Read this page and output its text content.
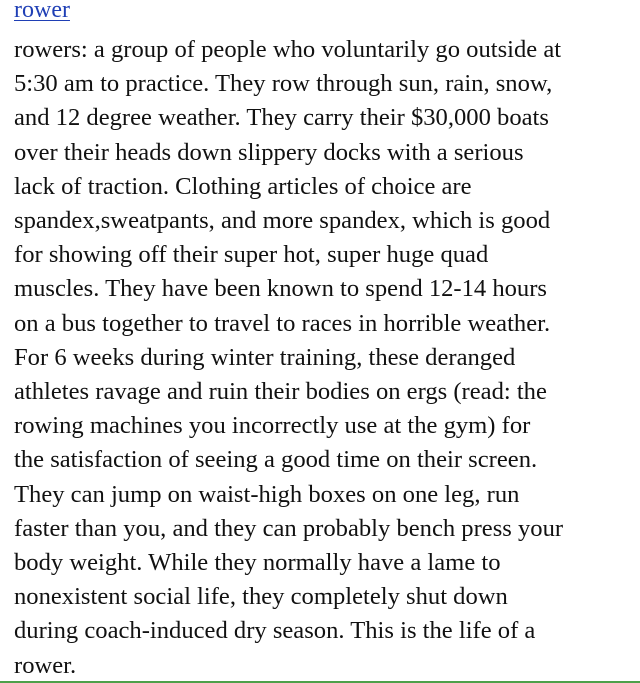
rower
rowers: a group of people who voluntarily go outside at
5:30 am to practice. They row through sun, rain, snow,
and 12 degree weather. They carry their $30,000 boats
over their heads down slippery docks with a serious
lack of traction. Clothing articles of choice are
spandex,sweatpants, and more spandex, which is good
for showing off their super hot, super huge quad
muscles. They have been known to spend 12-14 hours
on a bus together to travel to races in horrible weather.
For 6 weeks during winter training, these deranged
athletes ravage and ruin their bodies on ergs (read: the
rowing machines you incorrectly use at the gym) for
the satisfaction of seeing a good time on their screen.
They can jump on waist-high boxes on one leg, run
faster than you, and they can probably bench press your
body weight. While they normally have a lame to
nonexistent social life, they completely shut down
during coach-induced dry season. This is the life of a
rower.
